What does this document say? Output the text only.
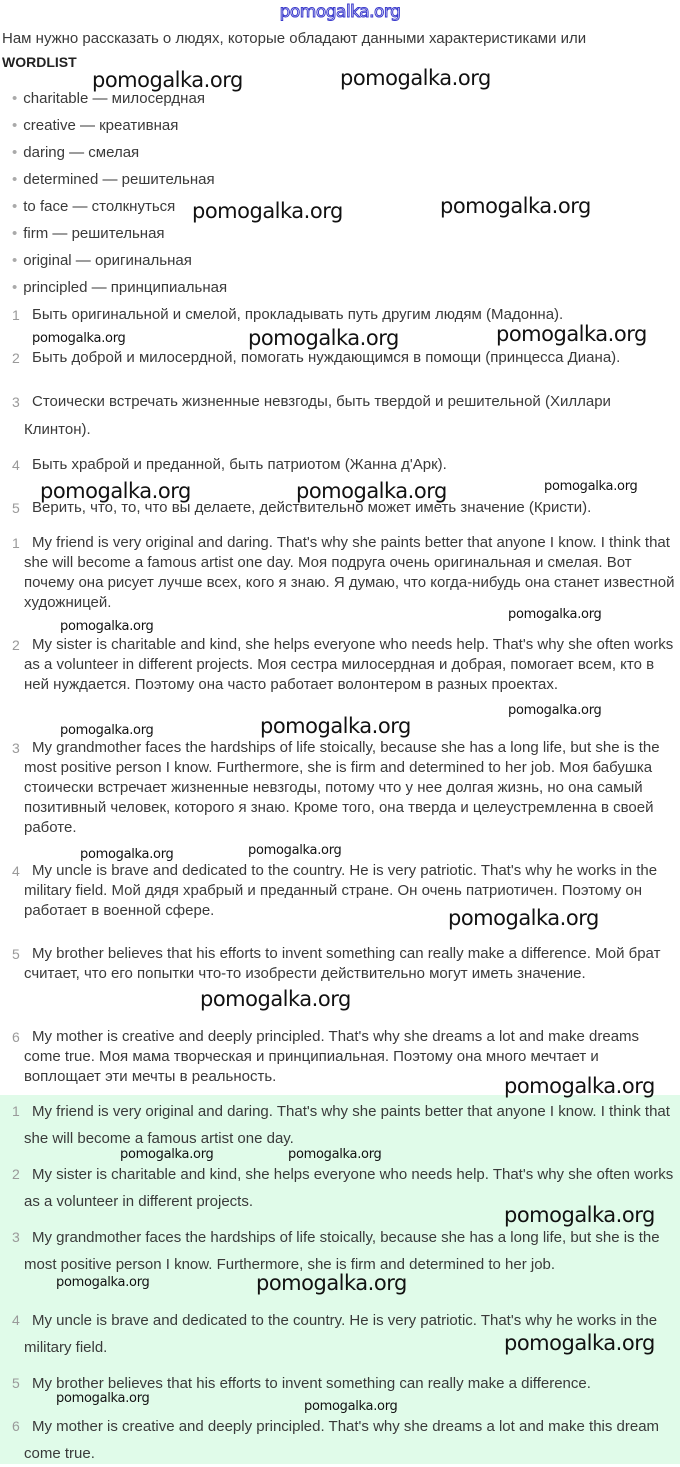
pomogalka.org
Нам нужно рассказать о людях, которые обладают данными характеристиками или
WORDLIST
• charitable — милосердная
• creative — креативная
• daring — смелая
• determined — решительная
• to face — столкнуться
• firm — решительная
• original — оригинальная
• principled — принципиальная
1 Быть оригинальной и смелой, прокладывать путь другим людям (Мадонна).
2 Быть доброй и милосердной, помогать нуждающимся в помощи (принцесса Диана).
3 Стоически встречать жизненные невзгоды, быть твердой и решительной (Хиллари Клинтон).
4 Быть храброй и преданной, быть патриотом (Жанна д'Арк).
5 Верить, что, то, что вы делаете, действительно может иметь значение (Кристи).
1 My friend is very original and daring. That's why she paints better that anyone I know. I think that she will become a famous artist one day. Моя подруга очень оригинальная и смелая. Вот почему она рисует лучше всех, кого я знаю. Я думаю, что когда-нибудь она станет известной художницей.
2 My sister is charitable and kind, she helps everyone who needs help. That's why she often works as a volunteer in different projects. Моя сестра милосердная и добрая, помогает всем, кто в ней нуждается. Поэтому она часто работает волонтером в разных проектах.
3 My grandmother faces the hardships of life stoically, because she has a long life, but she is the most positive person I know. Furthermore, she is firm and determined to her job. Моя бабушка стоически встречает жизненные невзгоды, потому что у нее долгая жизнь, но она самый позитивный человек, которого я знаю. Кроме того, она тверда и целеустремленна в своей работе.
4 My uncle is brave and dedicated to the country. He is very patriotic. That's why he works in the military field. Мой дядя храбрый и преданный стране. Он очень патриотичен. Поэтому он работает в военной сфере.
5 My brother believes that his efforts to invent something can really make a difference. Мой брат считает, что его попытки что-то изобрести действительно могут иметь значение.
6 My mother is creative and deeply principled. That's why she dreams a lot and make dreams come true. Моя мама творческая и принципиальная. Поэтому она много мечтает и воплощает эти мечты в реальность.
1 My friend is very original and daring. That's why she paints better that anyone I know. I think that she will become a famous artist one day.
2 My sister is charitable and kind, she helps everyone who needs help. That's why she often works as a volunteer in different projects.
3 My grandmother faces the hardships of life stoically, because she has a long life, but she is the most positive person I know. Furthermore, she is firm and determined to her job.
4 My uncle is brave and dedicated to the country. He is very patriotic. That's why he works in the military field.
5 My brother believes that his efforts to invent something can really make a difference.
6 My mother is creative and deeply principled. That's why she dreams a lot and make this dream come true.
pomogalka.org	pomogalka.org
pomogalka.org	pomogalka.org
pomogalka.org	pomogalka.org
pomogalka.org	pomogalka.org
pomogalka.org
pomogalka.org
pomogalka.org
pomogalka.org
pomogalka.org
pomogalka.org
pomogalka.org
pomogalka.org
pomogalka.org
pomogalka.org
pomogalka.org
pomogalka.org
pomogalka.org
pomogalka.org	pomogalka.org
pomogalka.org	pomogalka.org
pomogalka.org
pomogalka.org
pomogalka.org
